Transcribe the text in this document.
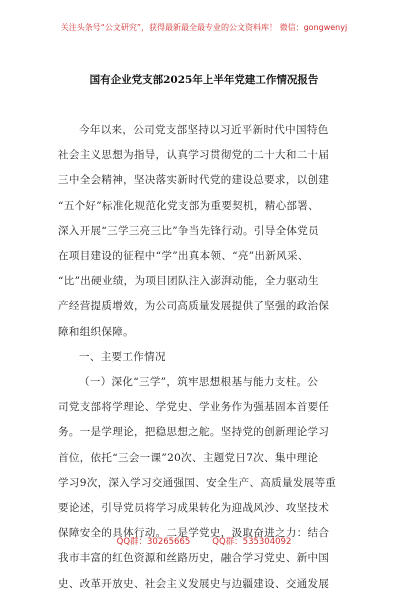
关注头条号“公文研究”，获得最新最全最专业的公文资料库！ 微信：gongwenyj
国有企业党支部2025年上半年党建工作情况报告

今年以来，公司党支部坚持以习近平新时代中国特色
社会主义思想为指导，认真学习贯彻党的二十大和二十届
三中全会精神，坚决落实新时代党的建设总要求，以创建
“五个好”标准化规范化党支部为重要契机，精心部署、
深入开展“三学三亮三比”争当先锋行动。引导全体党员
在项目建设的征程中“学”出真本领、“亮”出新风采、
“比”出硬业绩，为项目团队注入澎湃动能，全力驱动生
产经营提质增效，为公司高质量发展提供了坚强的政治保
障和组织保障。

一、主要工作情况

（一）深化“三学”，筑牢思想根基与能力支柱。公
司党支部将学理论、学党史、学业务作为强基固本首要任
务。一是学理论，把稳思想之舵。坚持党的创新理论学习
首位，依托“三会一课”20次、主题党日7次、集中理论
学习9次，深入学习交通强国、安全生产、高质量发展等重
要论述，引导党员将学习成果转化为迎战风沙、攻坚技术
保障安全的具体行动。二是学党史，汲取奋进之力：结合
我市丰富的红色资源和丝路历史，融合学习党史、新中国
史、改革开放史、社会主义发展史与边疆建设、交通发展

QQ群：30265665	QQ群：535304092
